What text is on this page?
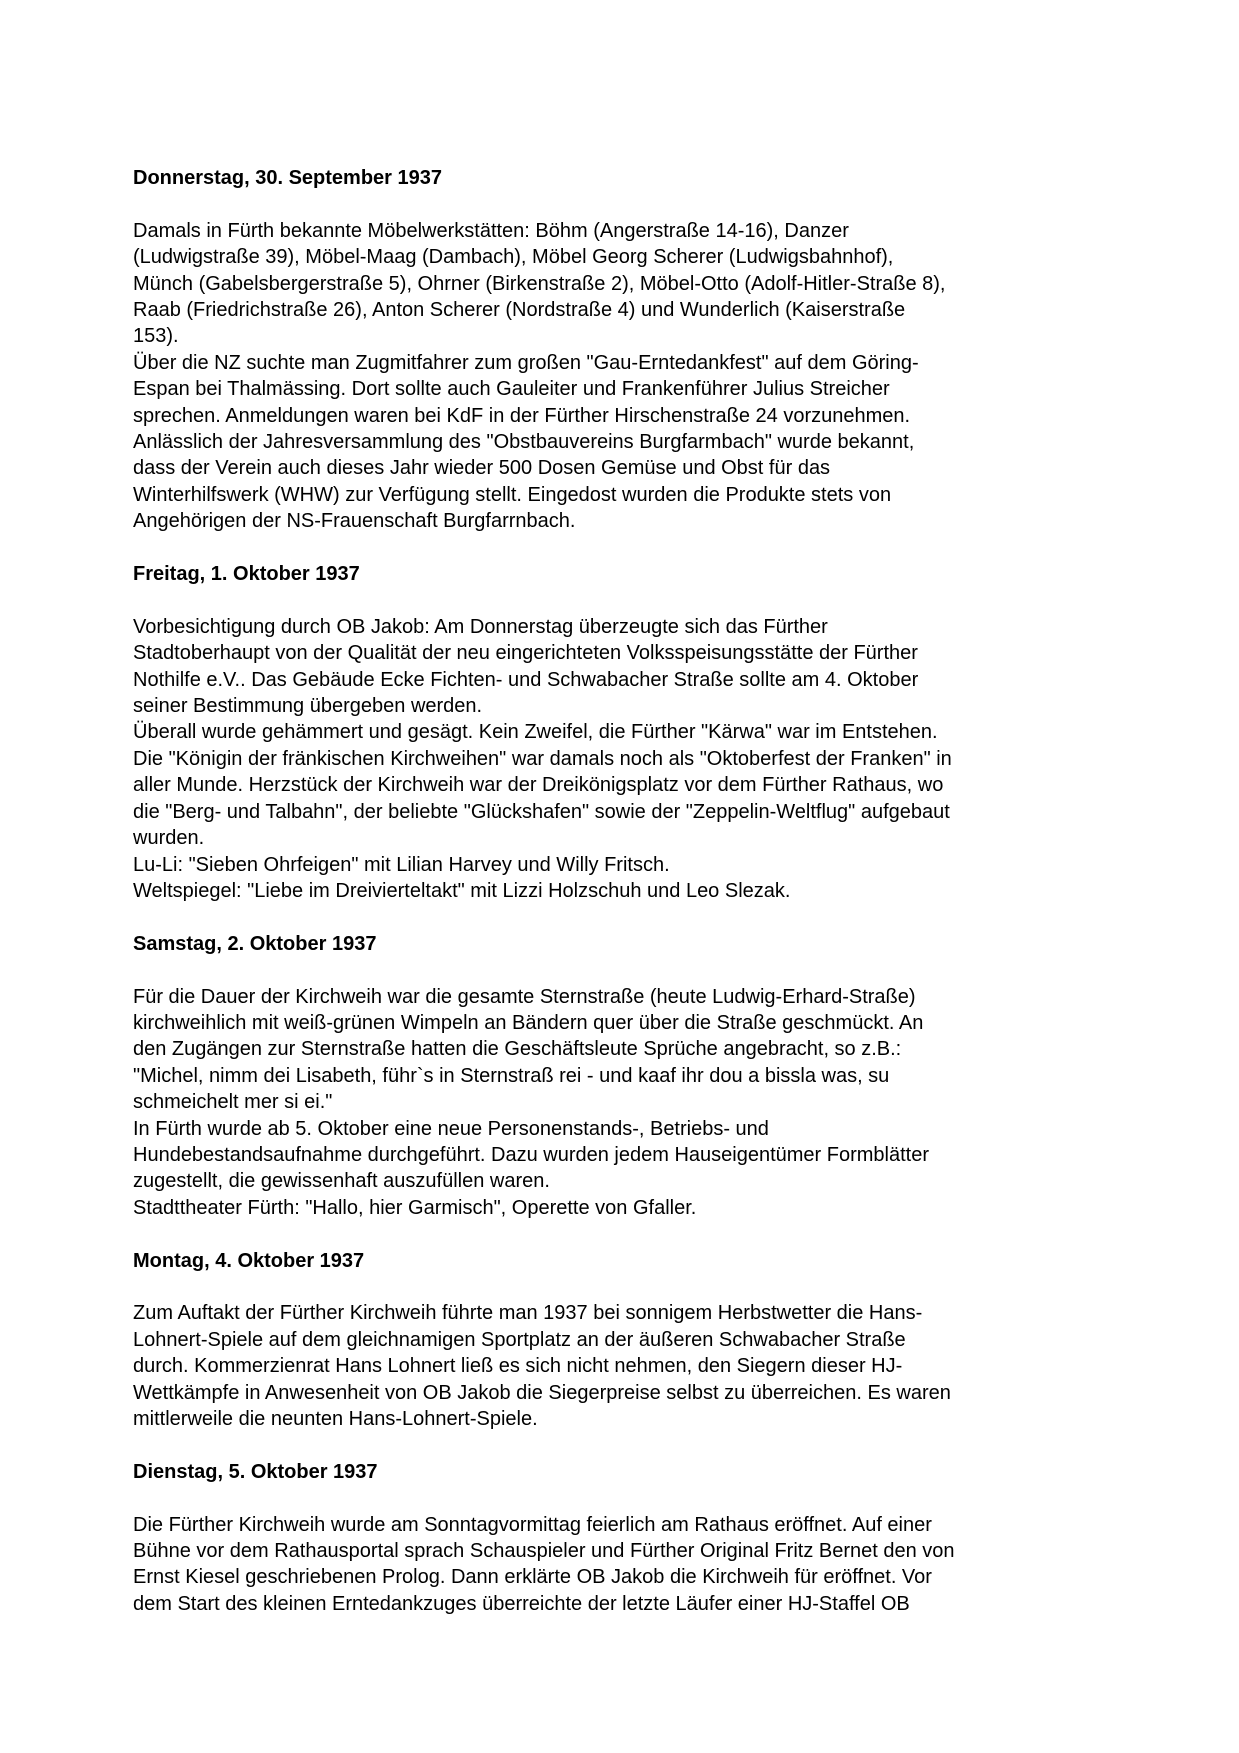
Donnerstag, 30. September 1937
Damals in Fürth bekannte Möbelwerkstätten: Böhm (Angerstraße 14-16), Danzer
(Ludwigstraße 39), Möbel-Maag (Dambach), Möbel Georg Scherer (Ludwigsbahnhof),
Münch (Gabelsbergerstraße 5), Ohrner (Birkenstraße 2), Möbel-Otto (Adolf-Hitler-Straße 8),
Raab (Friedrichstraße 26), Anton Scherer (Nordstraße 4) und Wunderlich (Kaiserstraße
153).
Über die NZ suchte man Zugmitfahrer zum großen "Gau-Erntedankfest" auf dem Göring-
Espan bei Thalmässing. Dort sollte auch Gauleiter und Frankenführer Julius Streicher
sprechen. Anmeldungen waren bei KdF in der Fürther Hirschenstraße 24 vorzunehmen.
Anlässlich der Jahresversammlung des "Obstbauvereins Burgfarmbach" wurde bekannt,
dass der Verein auch dieses Jahr wieder 500 Dosen Gemüse und Obst für das
Winterhilfswerk (WHW) zur Verfügung stellt. Eingedost wurden die Produkte stets von
Angehörigen der NS-Frauenschaft Burgfarrnbach.
Freitag, 1. Oktober 1937
Vorbesichtigung durch OB Jakob: Am Donnerstag überzeugte sich das Fürther
Stadtoberhaupt von der Qualität der neu eingerichteten Volksspeisungsstätte der Fürther
Nothilfe e.V.. Das Gebäude Ecke Fichten- und Schwabacher Straße sollte am 4. Oktober
seiner Bestimmung übergeben werden.
Überall wurde gehämmert und gesägt. Kein Zweifel, die Fürther "Kärwa" war im Entstehen.
Die "Königin der fränkischen Kirchweihen" war damals noch als "Oktoberfest der Franken" in
aller Munde. Herzstück der Kirchweih war der Dreikönigsplatz vor dem Fürther Rathaus, wo
die "Berg- und Talbahn", der beliebte "Glückshafen" sowie der "Zeppelin-Weltflug" aufgebaut
wurden.
Lu-Li: "Sieben Ohrfeigen" mit Lilian Harvey und Willy Fritsch.
Weltspiegel: "Liebe im Dreivierteltakt" mit Lizzi Holzschuh und Leo Slezak.
Samstag, 2. Oktober 1937
Für die Dauer der Kirchweih war die gesamte Sternstraße (heute Ludwig-Erhard-Straße)
kirchweihlich mit weiß-grünen Wimpeln an Bändern quer über die Straße geschmückt. An
den Zugängen zur Sternstraße hatten die Geschäftsleute Sprüche angebracht, so z.B.:
"Michel, nimm dei Lisabeth, führ`s in Sternstraß rei - und kaaf ihr dou a bissla was, su
schmeichelt mer si ei."
In Fürth wurde ab 5. Oktober eine neue Personenstands-, Betriebs- und
Hundebestandsaufnahme durchgeführt. Dazu wurden jedem Hauseigentümer Formblätter
zugestellt, die gewissenhaft auszufüllen waren.
Stadttheater Fürth: "Hallo, hier Garmisch", Operette von Gfaller.
Montag, 4. Oktober 1937
Zum Auftakt der Fürther Kirchweih führte man 1937 bei sonnigem Herbstwetter die Hans-
Lohnert-Spiele auf dem gleichnamigen Sportplatz an der äußeren Schwabacher Straße
durch. Kommerzienrat Hans Lohnert ließ es sich nicht nehmen, den Siegern dieser HJ-
Wettkämpfe in Anwesenheit von OB Jakob die Siegerpreise selbst zu überreichen. Es waren
mittlerweile die neunten Hans-Lohnert-Spiele.
Dienstag, 5. Oktober 1937
Die Fürther Kirchweih wurde am Sonntagvormittag feierlich am Rathaus eröffnet. Auf einer
Bühne vor dem Rathausportal sprach Schauspieler und Fürther Original Fritz Bernet den von
Ernst Kiesel geschriebenen Prolog. Dann erklärte OB Jakob die Kirchweih für eröffnet. Vor
dem Start des kleinen Erntedankzuges überreichte der letzte Läufer einer HJ-Staffel OB
